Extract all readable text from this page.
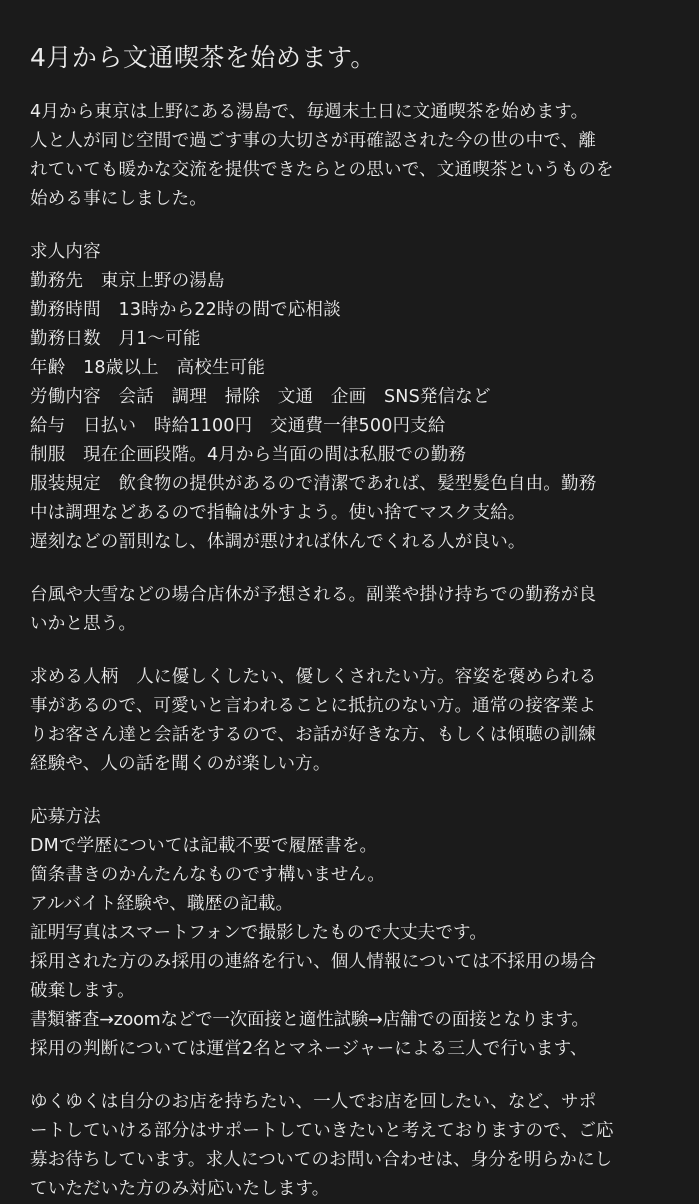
4月から文通喫茶を始めます。
4月から東京は上野にある湯島で、毎週末土日に文通喫茶を始めます。
人と人が同じ空間で過ごす事の大切さが再確認された今の世の中で、離
れていても暖かな交流を提供できたらとの思いで、文通喫茶というものを
始める事にしました。
求人内容
勤務先　東京上野の湯島
勤務時間　13時から22時の間で応相談
勤務日数　月1〜可能
年齢　18歳以上　高校生可能
労働内容　会話　調理　掃除　文通　企画　SNS発信など
給与　日払い　時給1100円　交通費一律500円支給
制服　現在企画段階。4月から当面の間は私服での勤務
服装規定　飲食物の提供があるので清潔であれば、髪型髪色自由。勤務
中は調理などあるので指輪は外すよう。使い捨てマスク支給。
遅刻などの罰則なし、体調が悪ければ休んでくれる人が良い。
台風や大雪などの場合店休が予想される。副業や掛け持ちでの勤務が良
いかと思う。
求める人柄　人に優しくしたい、優しくされたい方。容姿を褒められる
事があるので、可愛いと言われることに抵抗のない方。通常の接客業よ
りお客さん達と会話をするので、お話が好きな方、もしくは傾聴の訓練
経験や、人の話を聞くのが楽しい方。
応募方法
DMで学歴については記載不要で履歴書を。
箇条書きのかんたんなものです構いません。
アルバイト経験や、職歴の記載。
証明写真はスマートフォンで撮影したもので大丈夫です。
採用された方のみ採用の連絡を行い、個人情報については不採用の場合
破棄します。
書類審査→zoomなどで一次面接と適性試験→店舗での面接となります。
採用の判断については運営2名とマネージャーによる三人で行います、
ゆくゆくは自分のお店を持ちたい、一人でお店を回したい、など、サポ
ートしていける部分はサポートしていきたいと考えておりますので、ご応
募お待ちしています。求人についてのお問い合わせは、身分を明らかにし
ていただいた方のみ対応いたします。
